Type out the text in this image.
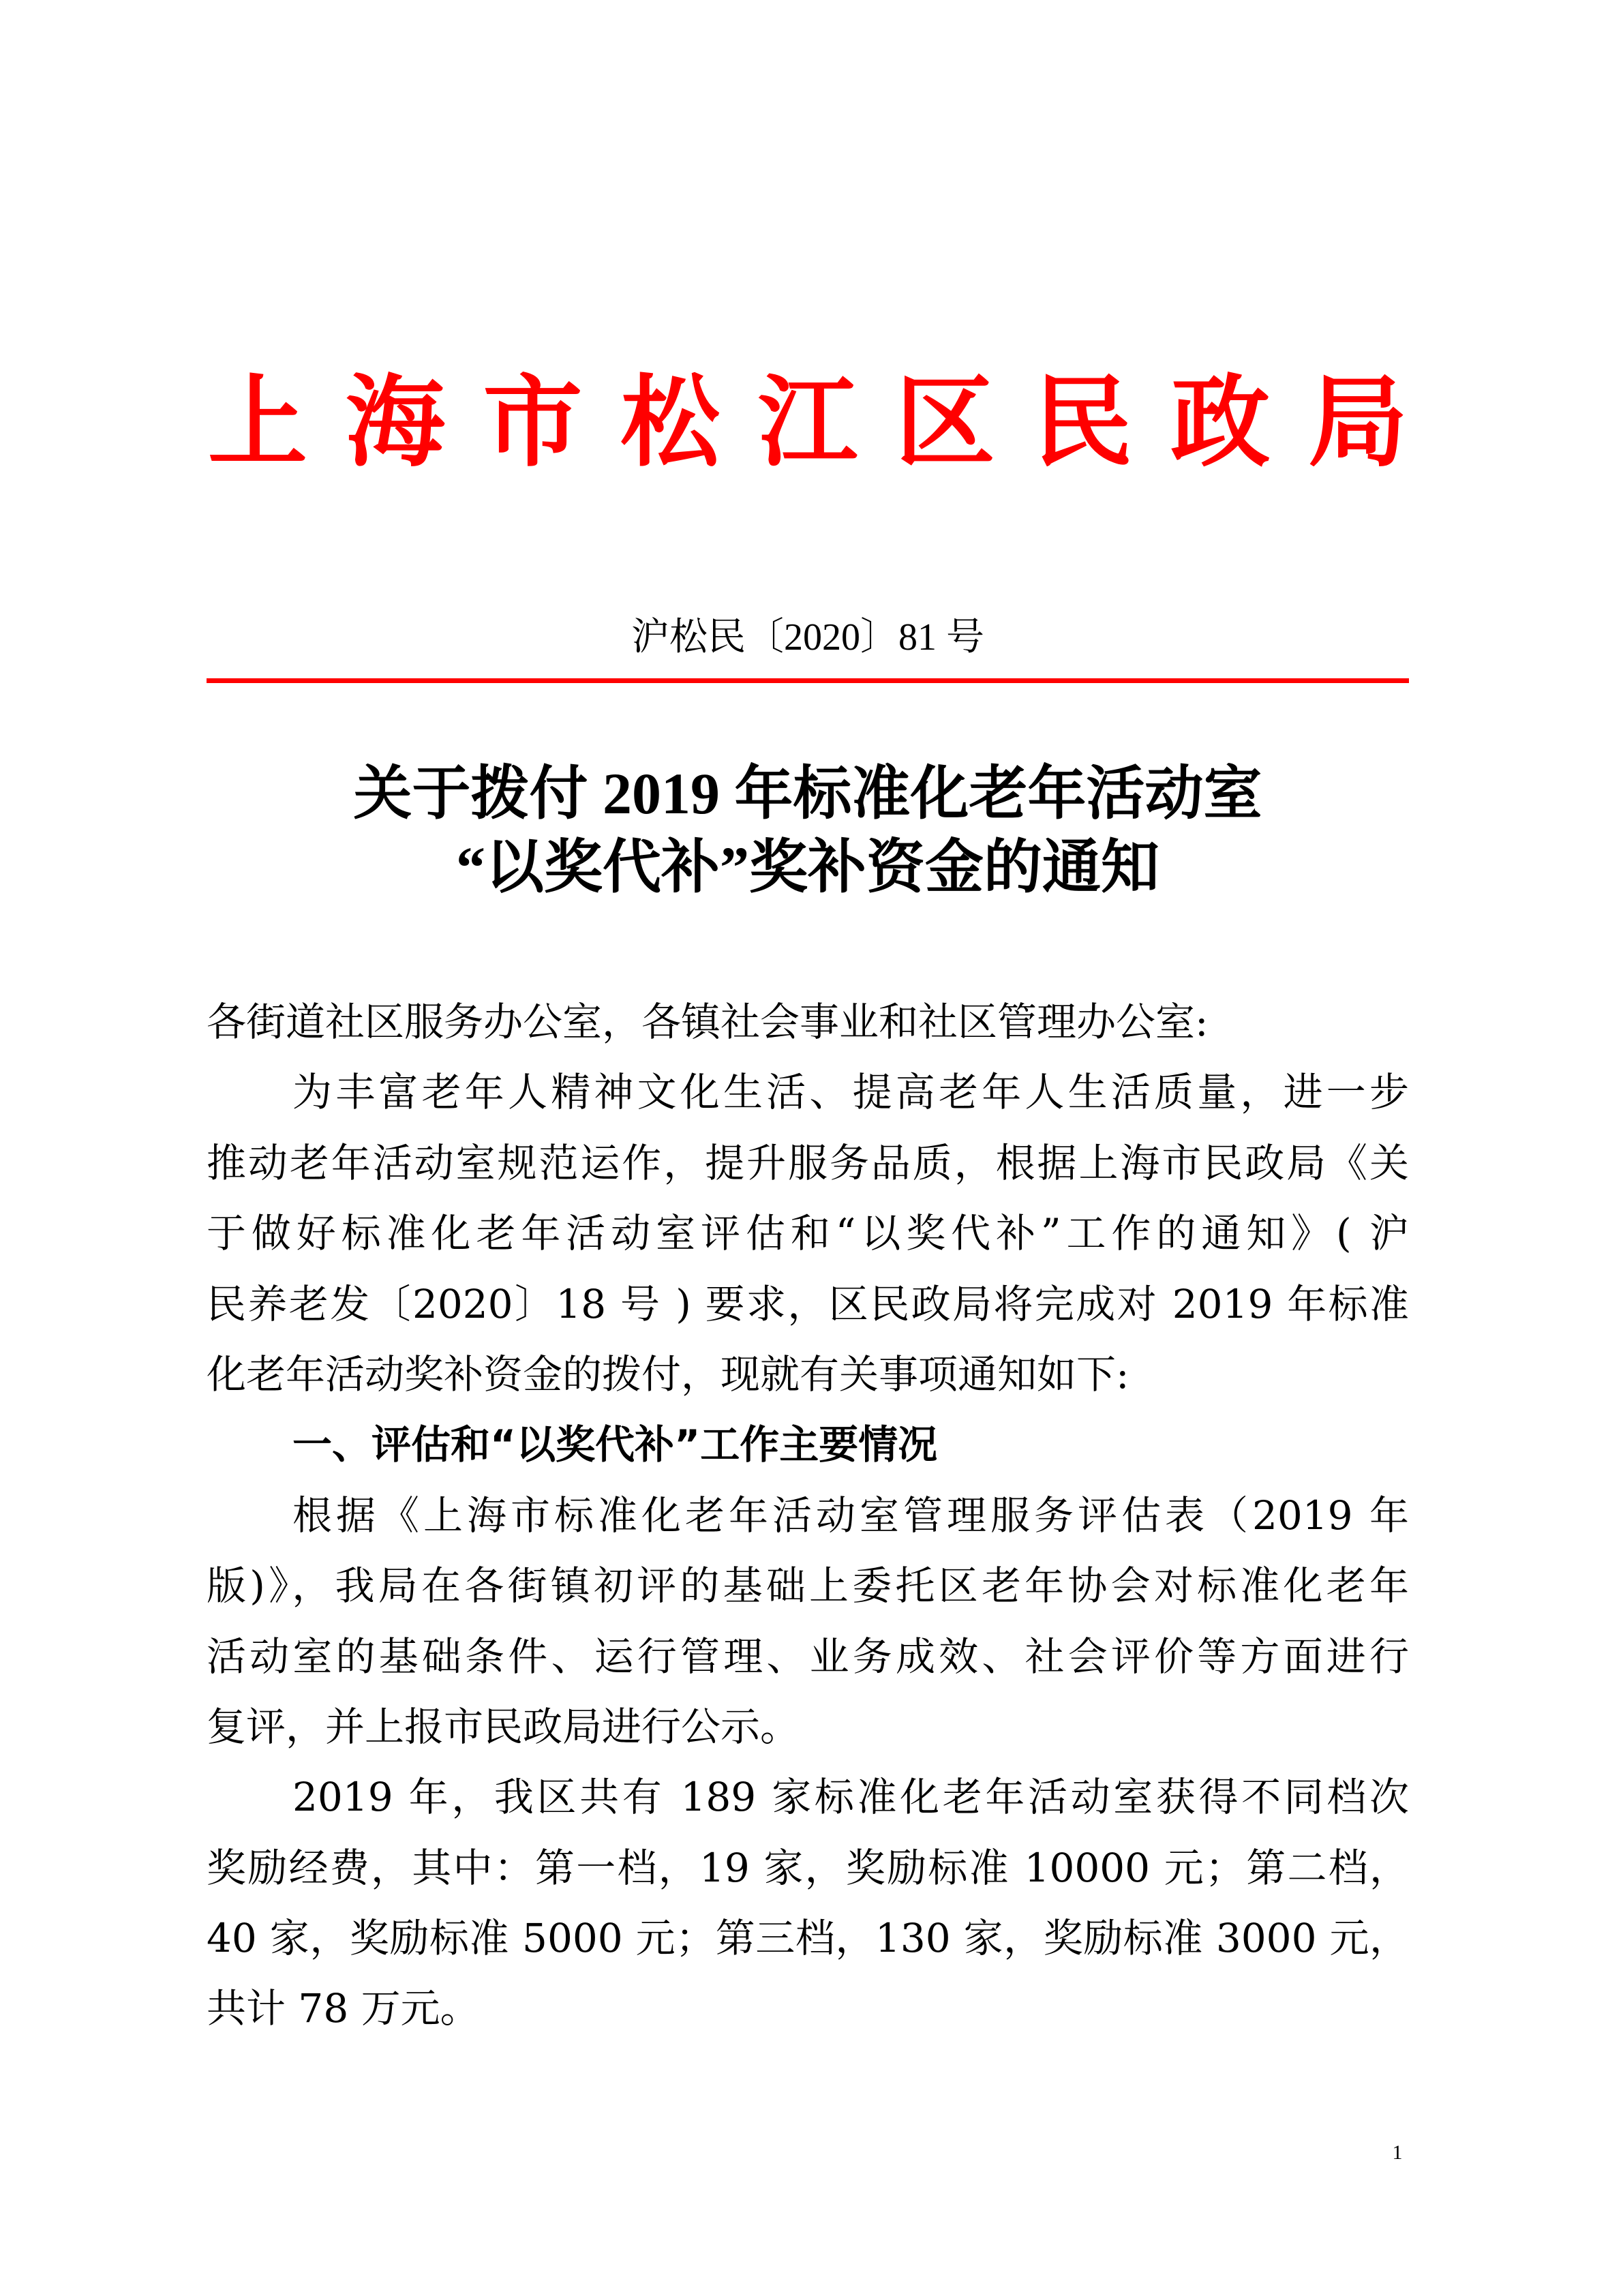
上 海 市 松 江 区 民 政 局
沪松民〔2020〕81 号
关于拨付 2019 年标准化老年活动室
“以奖代补”奖补资金的通知
各街道社区服务办公室，各镇社会事业和社区管理办公室:
为丰富老年人精神文化生活、提高老年人生活质量，进一步
推动老年活动室规范运作，提升服务品质，根据上海市民政局《关
于做好标准化老年活动室评估和“以奖代补”工作的通知》( 沪
民养老发〔2020〕18 号 ) 要求，区民政局将完成对 2019 年标准
化老年活动奖补资金的拨付，现就有关事项通知如下:
一、评估和“以奖代补”工作主要情况
根据《上海市标准化老年活动室管理服务评估表（2019 年
版)》，我局在各街镇初评的基础上委托区老年协会对标准化老年
活动室的基础条件、运行管理、业务成效、社会评价等方面进行
复评，并上报市民政局进行公示。
2019 年，我区共有 189 家标准化老年活动室获得不同档次
奖励经费，其中：第一档，19 家，奖励标准 10000 元；第二档，
40 家，奖励标准 5000 元；第三档，130 家，奖励标准 3000 元，
共计 78 万元。
1
